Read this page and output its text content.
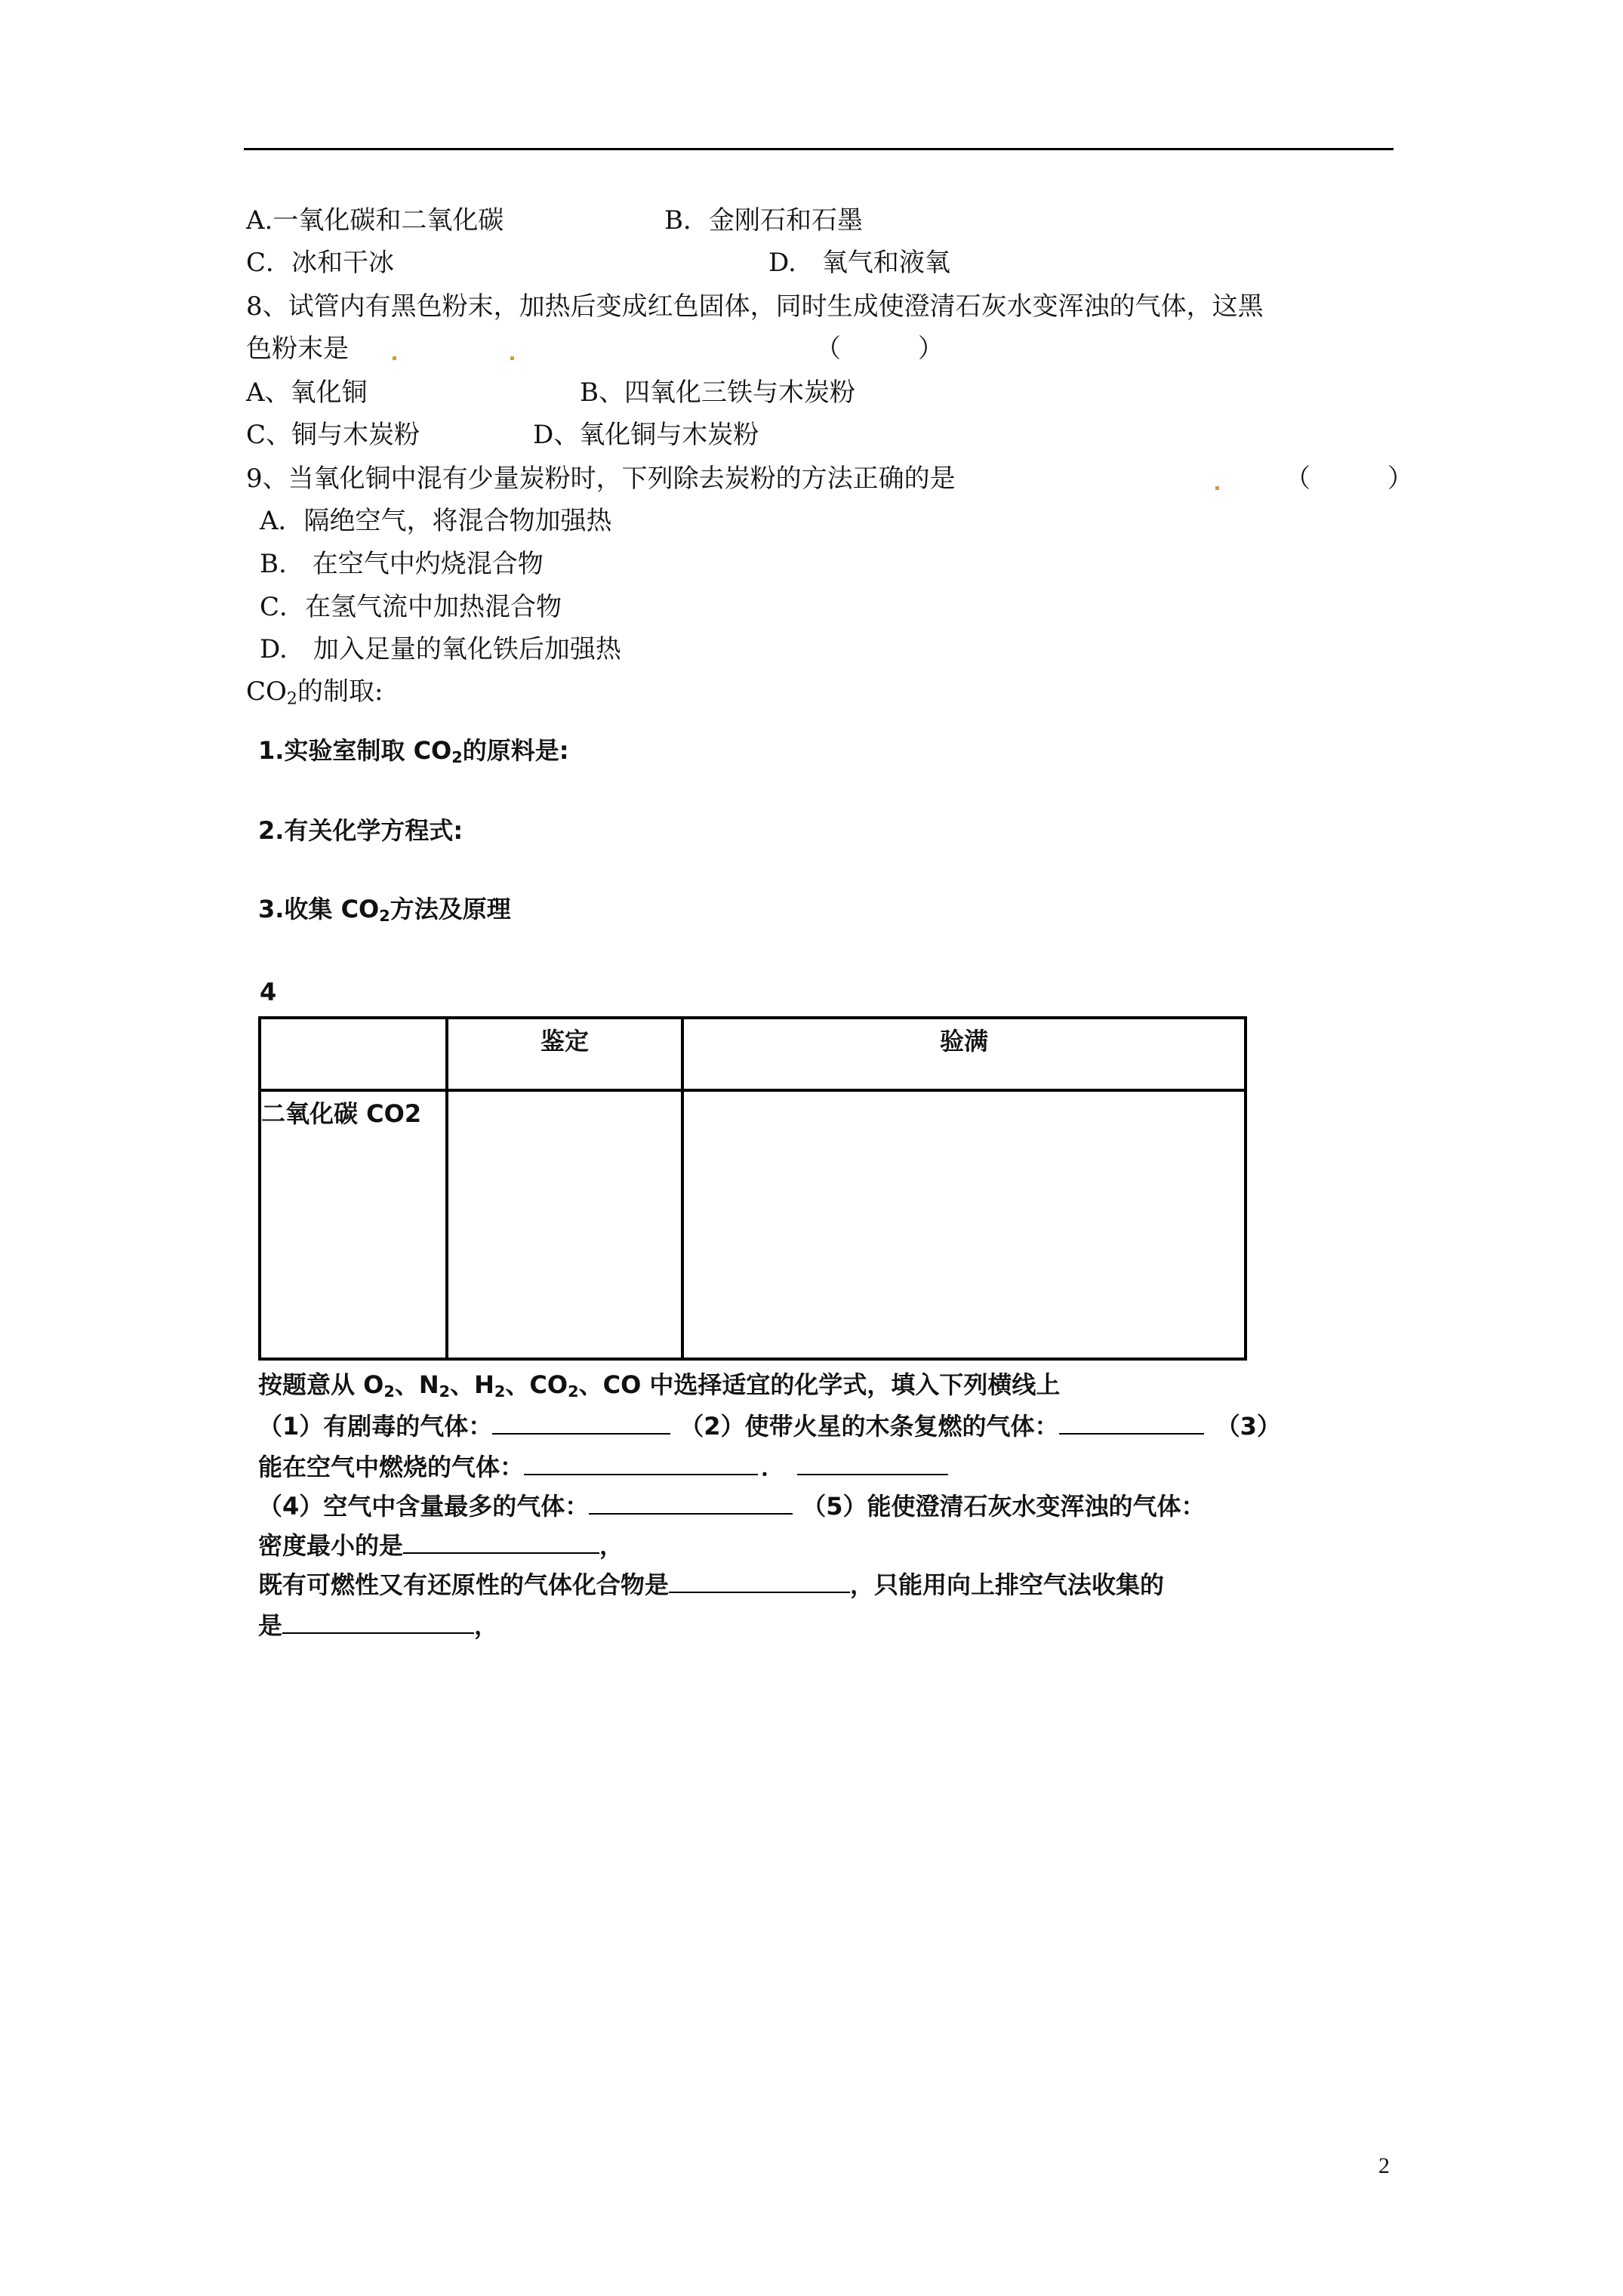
A.一氧化碳和二氧化碳	B．金刚石和石墨
C．冰和干冰	D.　氧气和液氧
8、试管内有黑色粉末，加热后变成红色固体，同时生成使澄清石灰水变浑浊的气体，这黑
色粉末是	（　　　）
A、氧化铜	B、四氧化三铁与木炭粉
C、铜与木炭粉	D、氧化铜与木炭粉
9、当氧化铜中混有少量炭粉时，下列除去炭粉的方法正确的是	（　　　）
A．隔绝空气，将混合物加强热
B.　在空气中灼烧混合物
C．在氢气流中加热混合物
D.　加入足量的氧化铁后加强热
$CO_2$的制取:
1.实验室制取 $CO_2$的原料是:
2.有关化学方程式:
3.收集 $CO_2$方法及原理
4
	鉴定	验满
二氧化碳 CO2		
按题意从 $O_2$、$N_2$、$H_2$、$CO_2$、CO 中选择适宜的化学式，填入下列横线上
（1）有剧毒的气体：	（2）使带火星的木条复燃的气体：	（3）
能在空气中燃烧的气体：	．
（4）空气中含量最多的气体：	（5）能使澄清石灰水变浑浊的气体：
密度最小的是	，
既有可燃性又有还原性的气体化合物是	，只能用向上排空气法收集的
是	，
2
